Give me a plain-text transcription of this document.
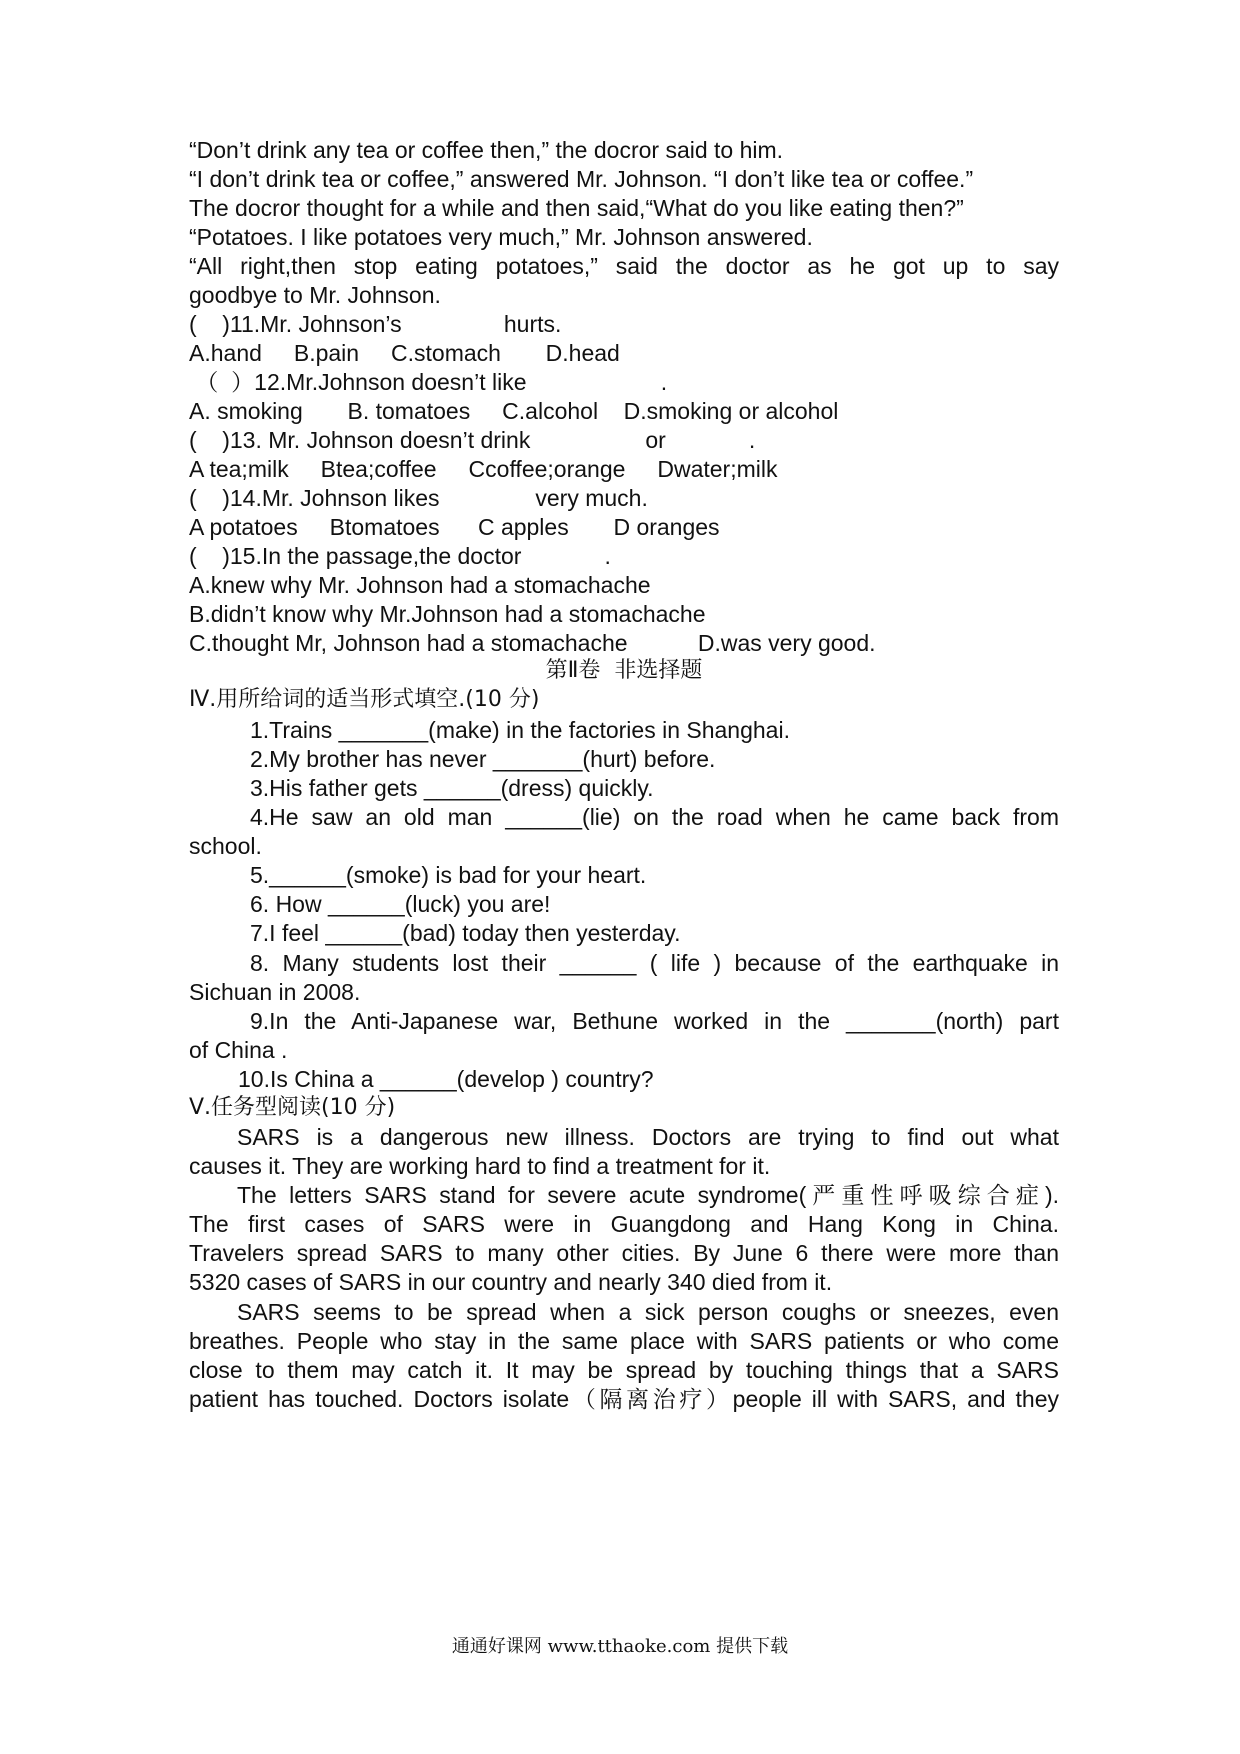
“Don’t drink any tea or coffee then,” the docror said to him.
“I don’t drink tea or coffee,” answered Mr. Johnson. “I don’t like tea or coffee.”
The docror thought for a while and then said,“What do you like eating then?”
“Potatoes. I like potatoes very much,” Mr. Johnson answered.
“All right,then stop eating potatoes,” said the doctor as he got up to say
goodbye to Mr. Johnson.
(    )11.Mr. Johnson’s                hurts.
A.hand     B.pain     C.stomach       D.head
（  ）12.Mr.Johnson doesn’t like                     .
A. smoking       B. tomatoes     C.alcohol    D.smoking or alcohol
(    )13. Mr. Johnson doesn’t drink                  or             .
A tea;milk     Btea;coffee     Ccoffee;orange     Dwater;milk
(    )14.Mr. Johnson likes               very much.
A potatoes     Btomatoes      C apples       D oranges
(    )15.In the passage,the doctor             .
A.knew why Mr. Johnson had a stomachache
B.didn’t know why Mr.Johnson had a stomachache
C.thought Mr, Johnson had a stomachache           D.was very good.
第Ⅱ卷  非选择题
Ⅳ.用所给词的适当形式填空.(10 分)
1.Trains _______(make) in the factories in Shanghai.
2.My brother has never _______(hurt) before.
3.His father gets ______(dress) quickly.
4.He saw an old man ______(lie) on the road when he came back from
school.
5.______(smoke) is bad for your heart.
6. How ______(luck) you are!
7.I feel ______(bad) today then yesterday.
8. Many students lost their ______ ( life ) because of the earthquake in
Sichuan in 2008.
9.In the Anti-Japanese war, Bethune worked in the _______(north) part
of China .
10.Is China a ______(develop ) country?
Ⅴ.任务型阅读(10 分)
SARS is a dangerous new illness. Doctors are trying to find out what
causes it. They are working hard to find a treatment for it.
The letters SARS stand for severe acute syndrome(严重性呼吸综合症).
The first cases of SARS were in Guangdong and Hang Kong in China.
Travelers spread SARS to many other cities. By June 6 there were more than
5320 cases of SARS in our country and nearly 340 died from it.
SARS seems to be spread when a sick person coughs or sneezes, even
breathes. People who stay in the same place with SARS patients or who come
close to them may catch it. It may be spread by touching things that a SARS
patient has touched. Doctors isolate（隔离治疗）people ill with SARS, and they
通通好课网 www.tthaoke.com 提供下载
